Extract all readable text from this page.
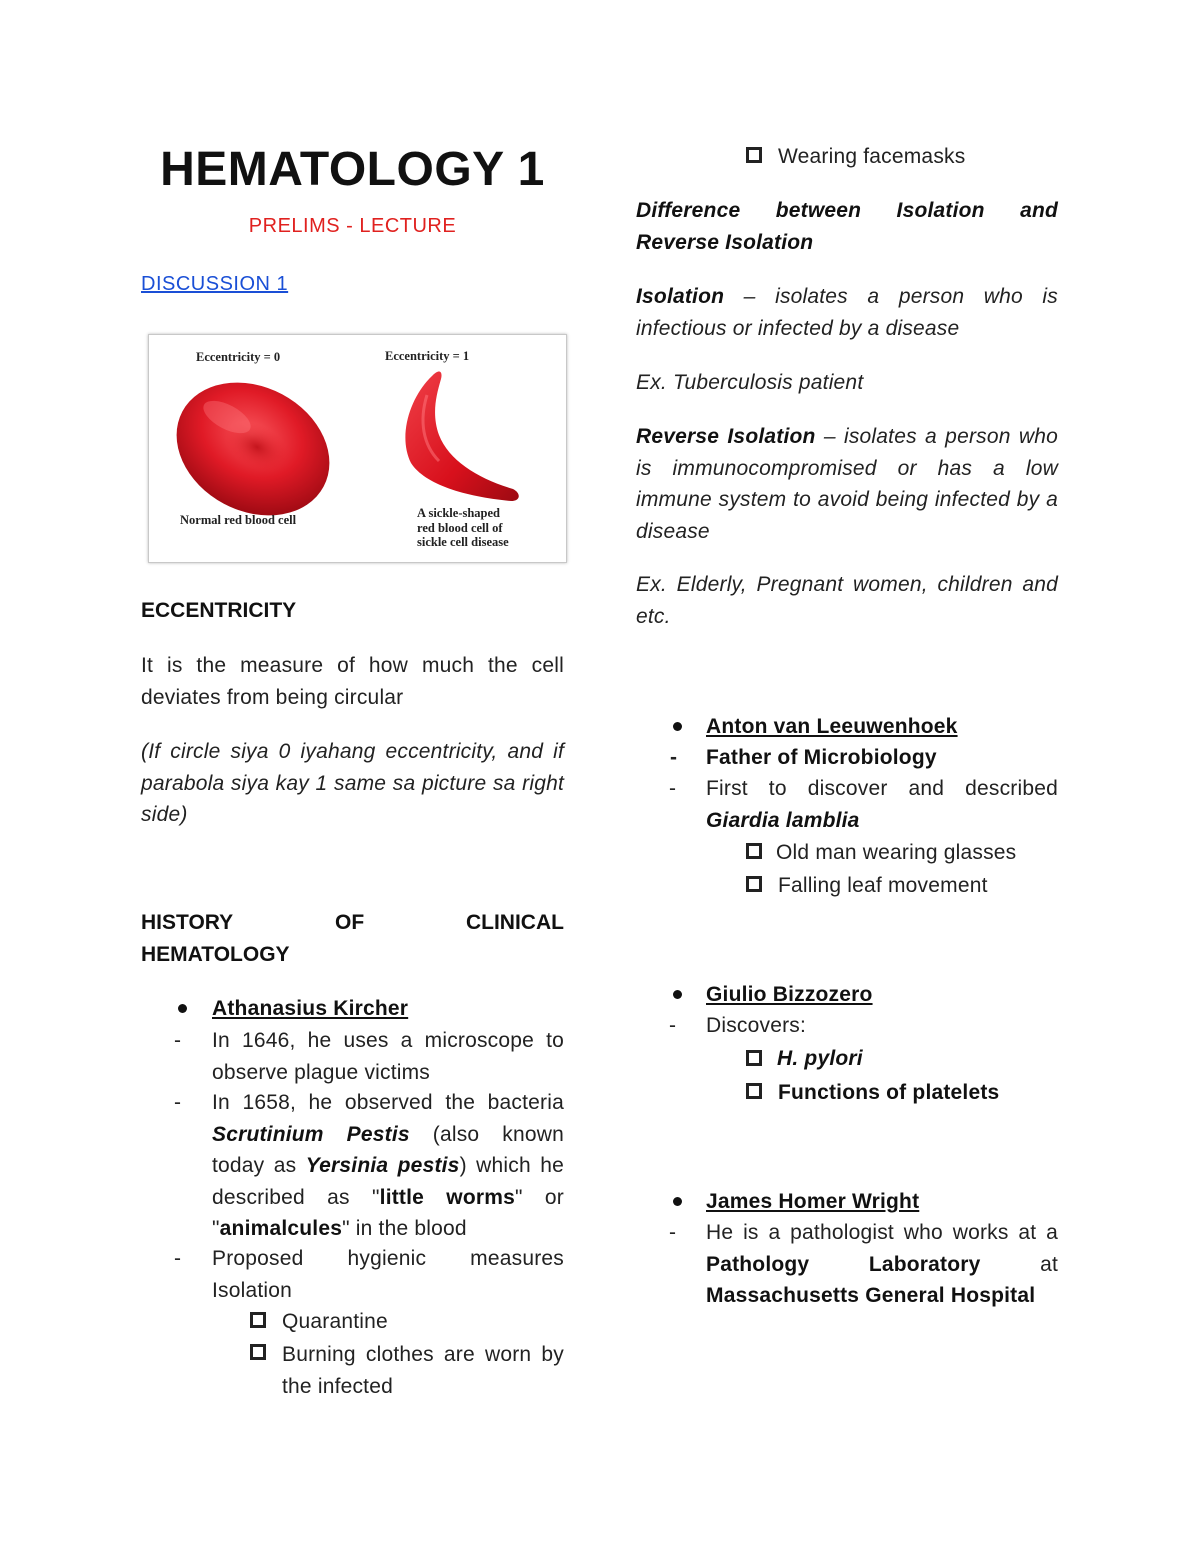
HEMATOLOGY 1
PRELIMS - LECTURE
DISCUSSION 1
Eccentricity = 0	Eccentricity = 1
Normal red blood cell	A sickle-shaped
red blood cell of
sickle cell disease
ECCENTRICITY
It is the measure of how much the cell deviates from being circular
(If circle siya 0 iyahang eccentricity, and if parabola siya kay 1 same sa picture sa right side)
HISTORY	OF	CLINICAL
HEMATOLOGY
Athanasius Kircher
- In 1646, he uses a microscope to observe plague victims
- In 1658, he observed the bacteria Scrutinium Pestis (also known today as Yersinia pestis) which he described as "little worms" or "animalcules" in the blood
- Proposed hygienic measures Isolation
Quarantine
Burning clothes are worn by the infected
Wearing facemasks
Difference between Isolation and Reverse Isolation
Isolation – isolates a person who is infectious or infected by a disease
Ex. Tuberculosis patient
Reverse Isolation – isolates a person who is immunocompromised or has a low immune system to avoid being infected by a disease
Ex. Elderly, Pregnant women, children and etc.
Anton van Leeuwenhoek
- Father of Microbiology
- First to discover and described Giardia lamblia
Old man wearing glasses
Falling leaf movement
Giulio Bizzozero
- Discovers:
H. pylori
Functions of platelets
James Homer Wright
- He is a pathologist who works at a Pathology Laboratory at Massachusetts General Hospital
